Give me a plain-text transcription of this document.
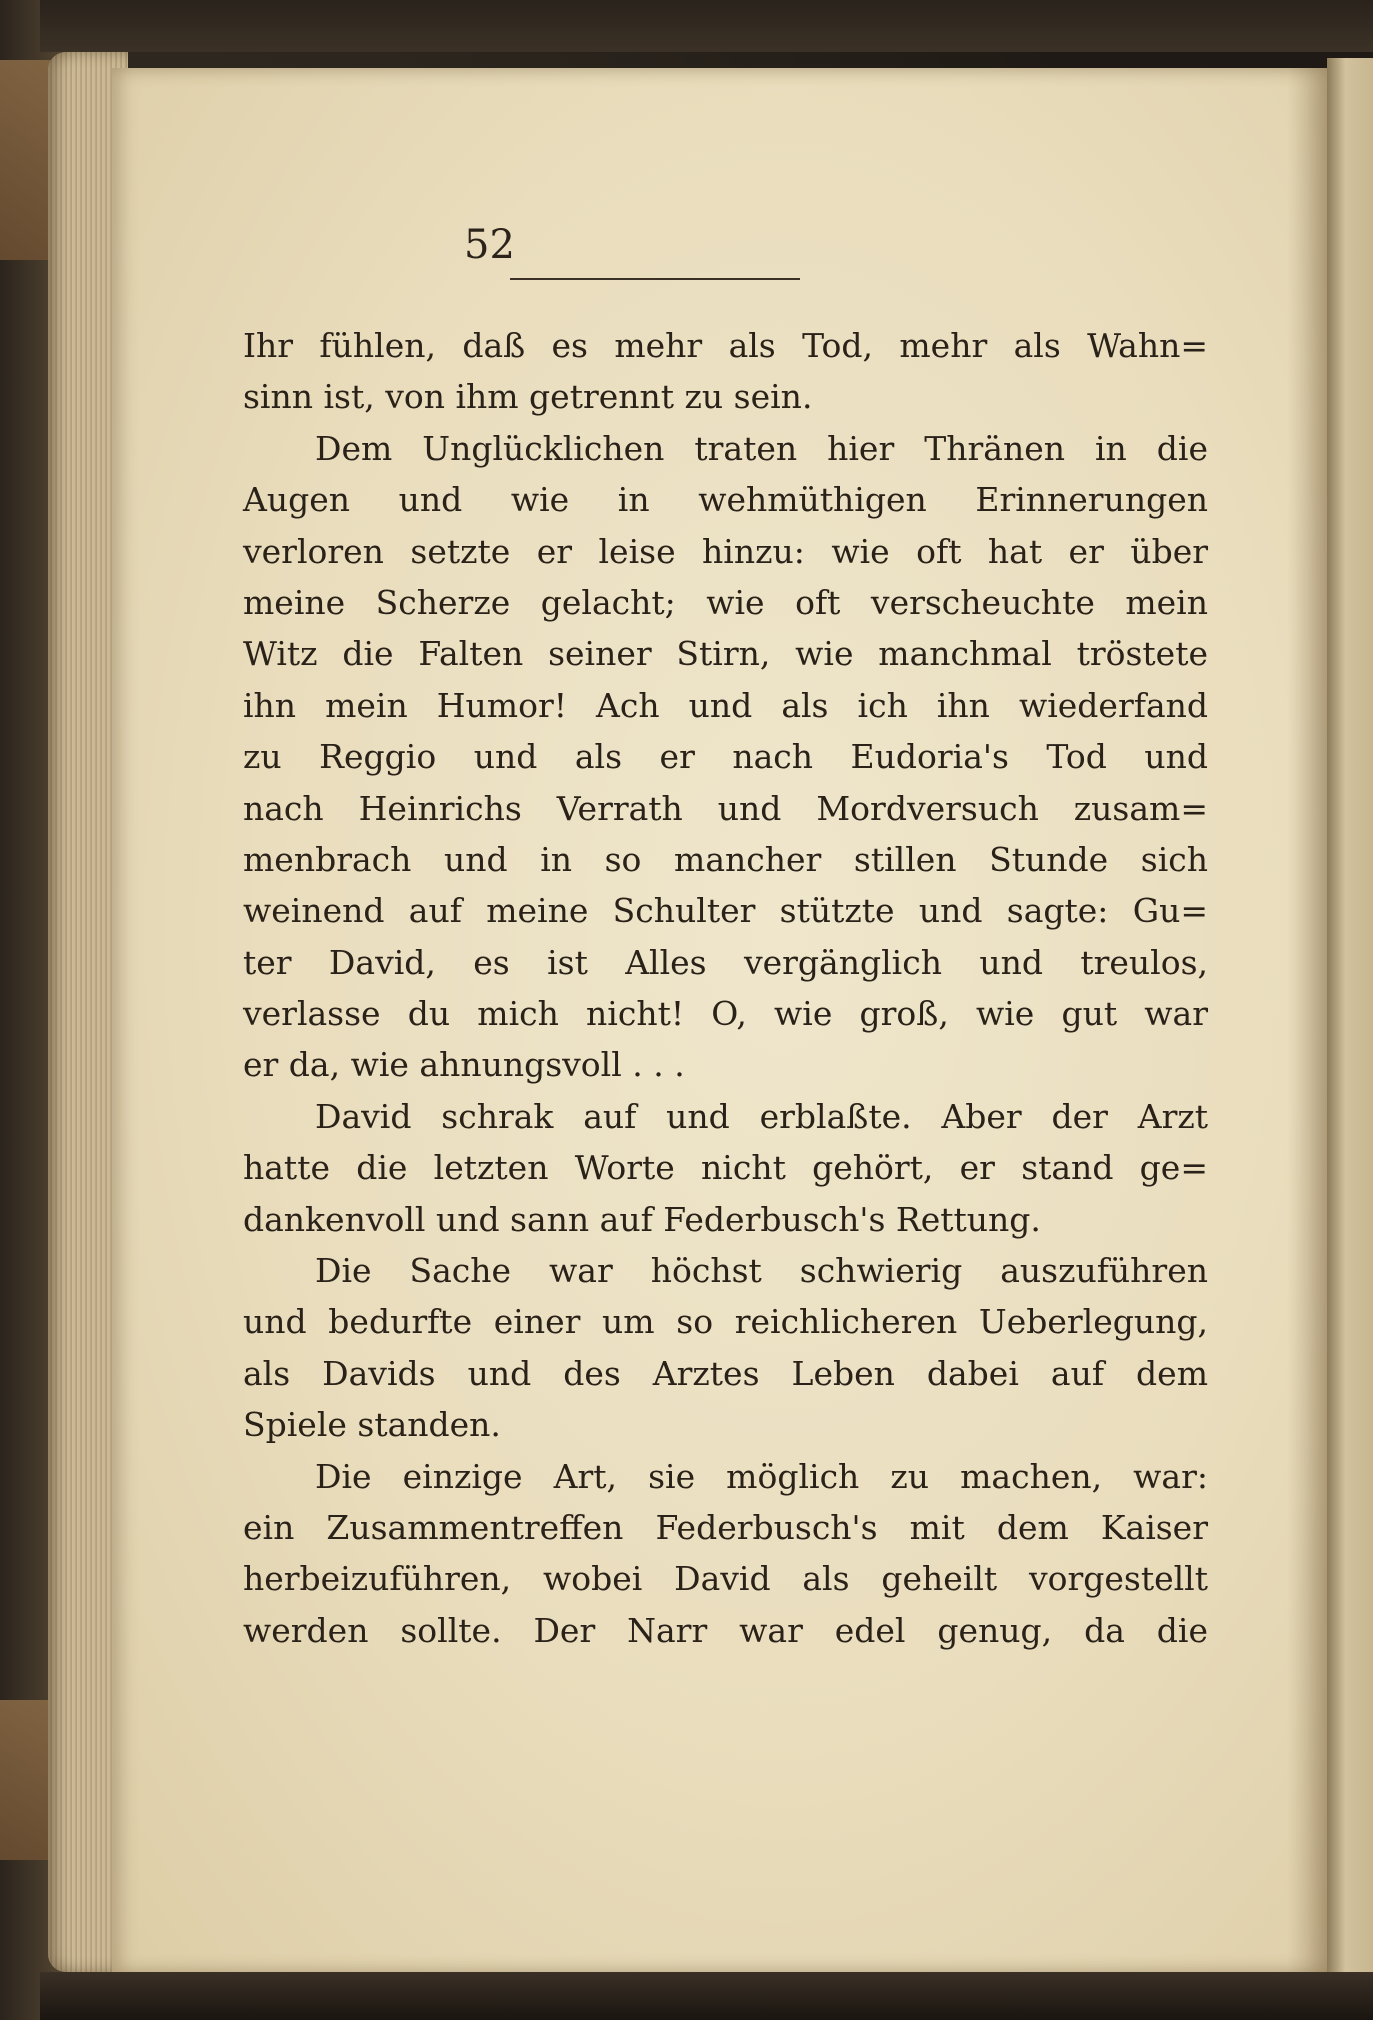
52
Ihr fühlen, daß es mehr als Tod, mehr als Wahn=
sinn ist, von ihm getrennt zu sein.
Dem Unglücklichen traten hier Thränen in die
Augen und wie in wehmüthigen Erinnerungen
verloren setzte er leise hinzu: wie oft hat er über
meine Scherze gelacht; wie oft verscheuchte mein
Witz die Falten seiner Stirn, wie manchmal tröstete
ihn mein Humor! Ach und als ich ihn wiederfand
zu Reggio und als er nach Eudoria's Tod und
nach Heinrichs Verrath und Mordversuch zusam=
menbrach und in so mancher stillen Stunde sich
weinend auf meine Schulter stützte und sagte: Gu=
ter David, es ist Alles vergänglich und treulos,
verlasse du mich nicht! O, wie groß, wie gut war
er da, wie ahnungsvoll . . .
David schrak auf und erblaßte. Aber der Arzt
hatte die letzten Worte nicht gehört, er stand ge=
dankenvoll und sann auf Federbusch's Rettung.
Die Sache war höchst schwierig auszuführen
und bedurfte einer um so reichlicheren Ueberlegung,
als Davids und des Arztes Leben dabei auf dem
Spiele standen.
Die einzige Art, sie möglich zu machen, war:
ein Zusammentreffen Federbusch's mit dem Kaiser
herbeizuführen, wobei David als geheilt vorgestellt
werden sollte. Der Narr war edel genug, da die
